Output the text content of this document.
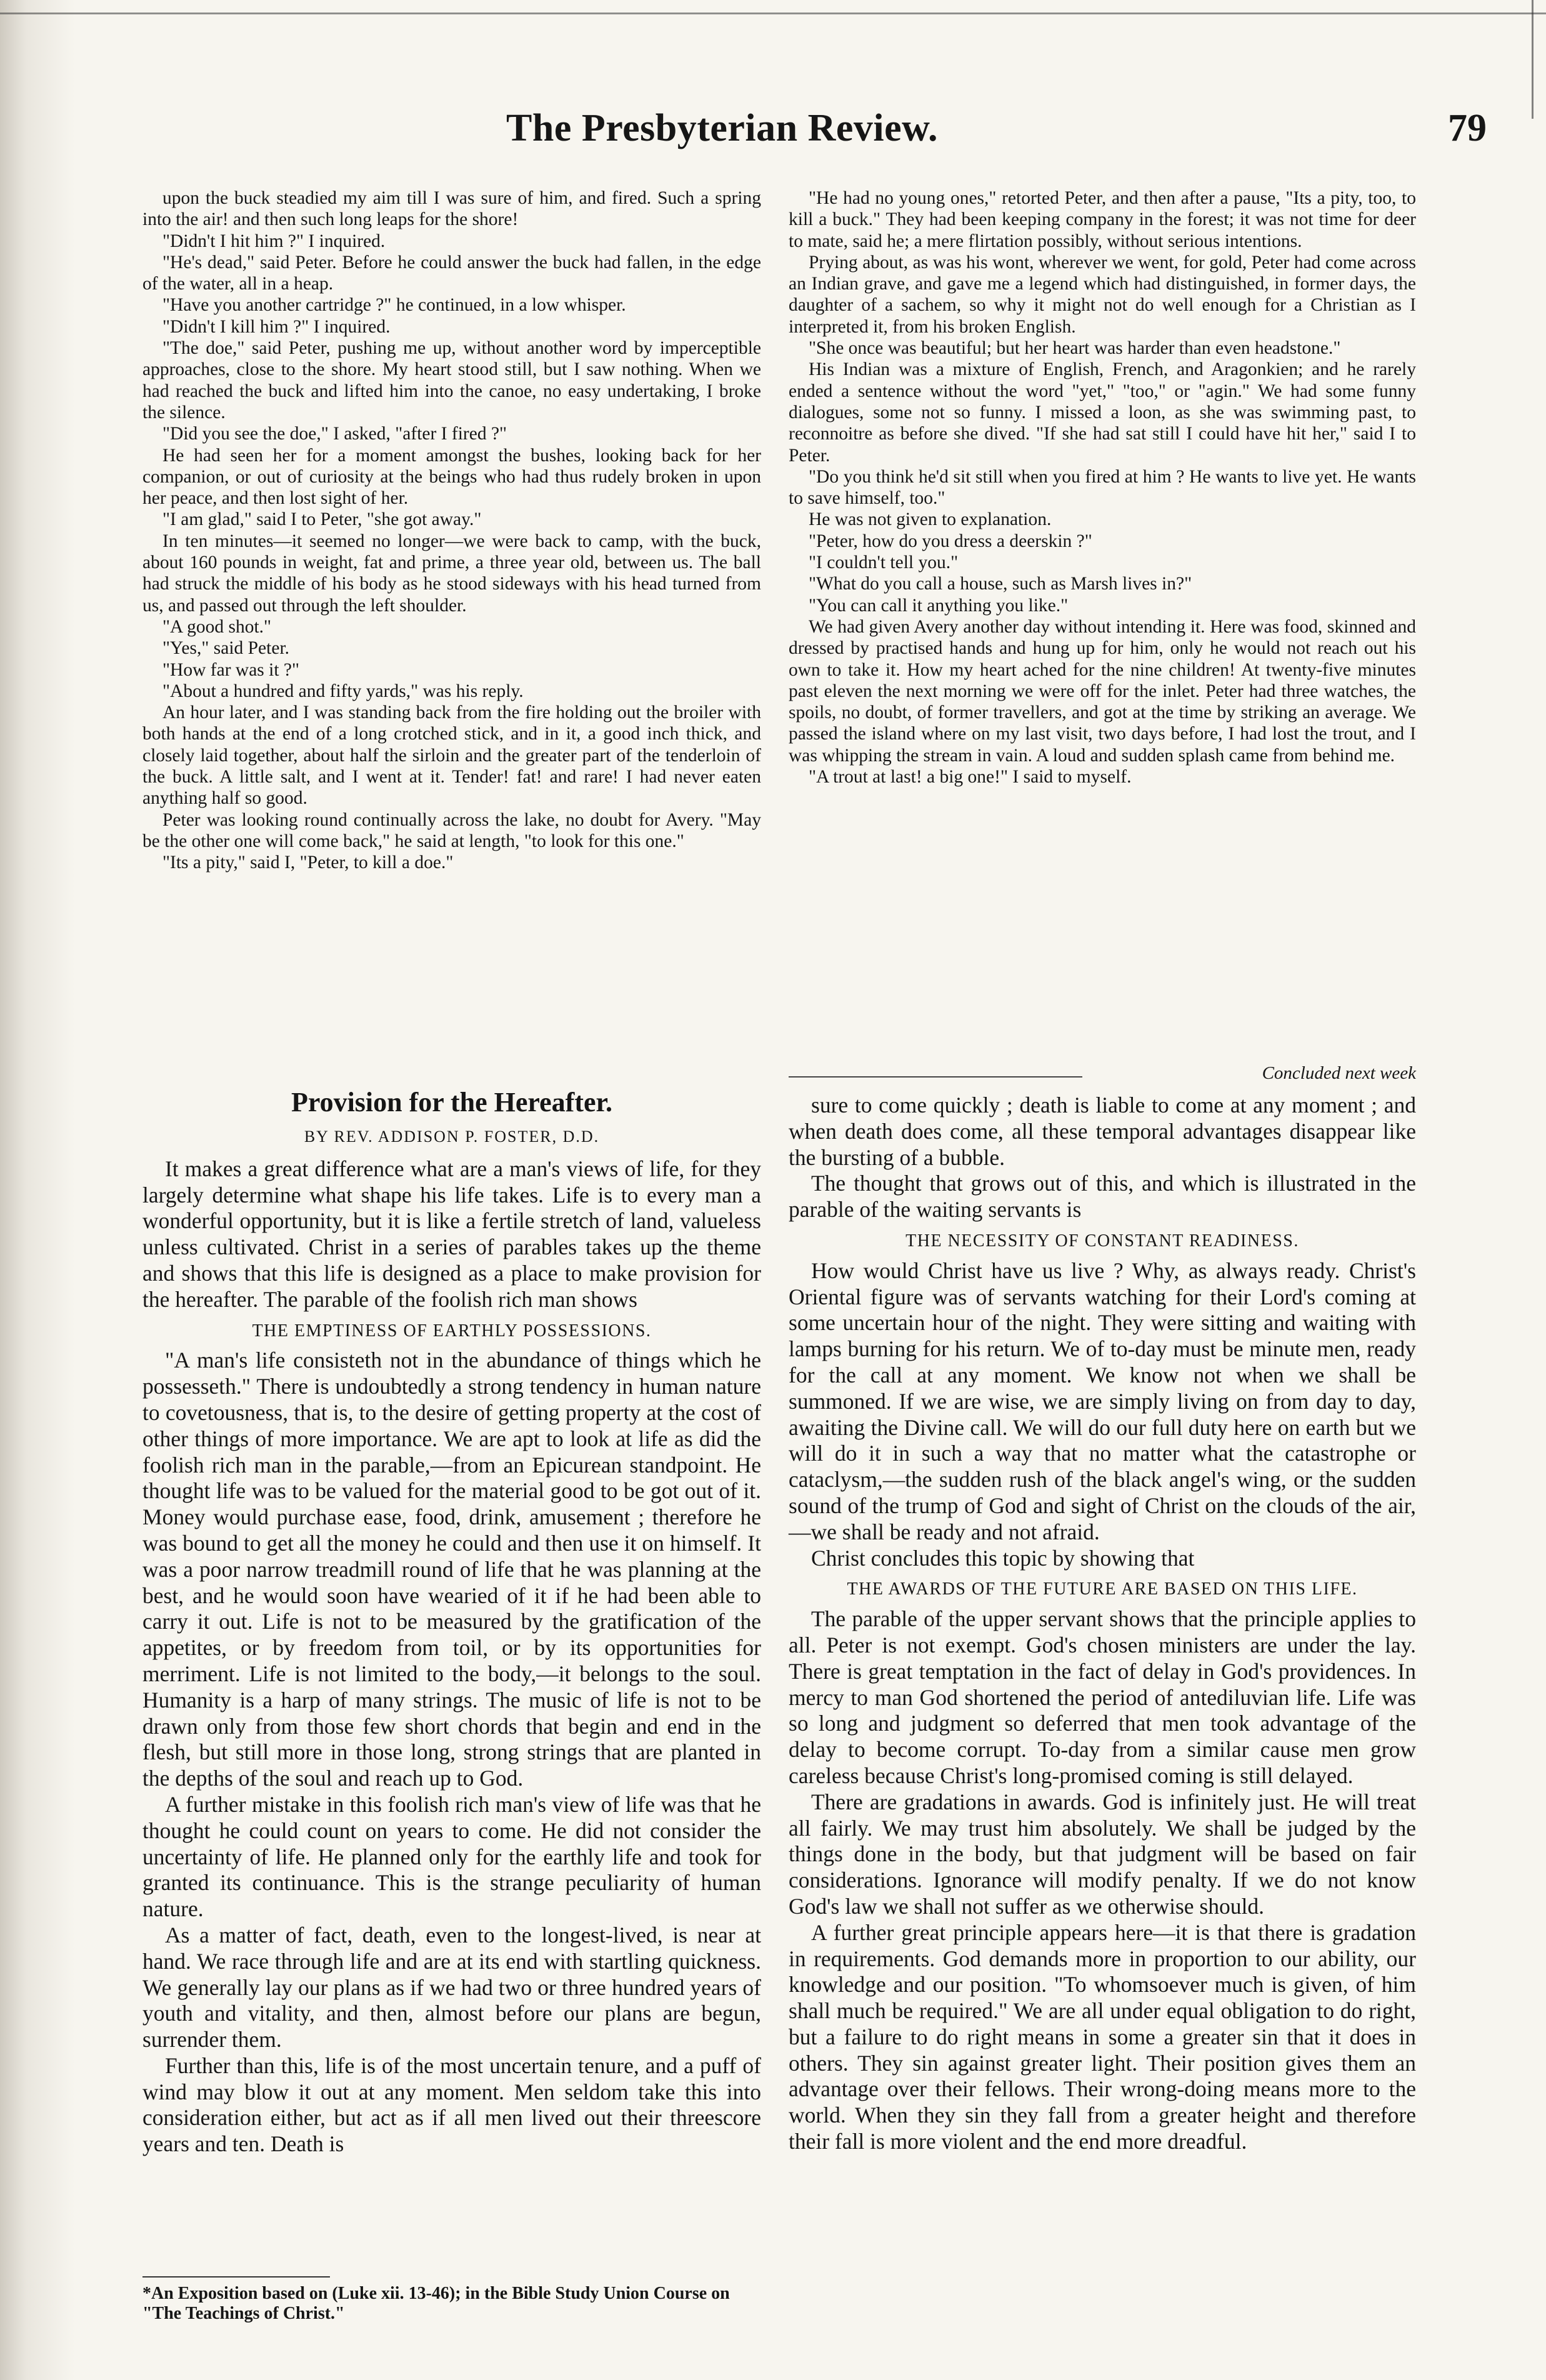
The Presbyterian Review.	79

upon the buck steadied my aim till I was sure of him, and fired. Such a spring into the air! and then such long leaps for the shore!

"Didn't I hit him ?" I inquired.

"He's dead," said Peter. Before he could answer the buck had fallen, in the edge of the water, all in a heap.

"Have you another cartridge ?" he continued, in a low whisper.

"Didn't I kill him ?" I inquired.

"The doe," said Peter, pushing me up, without another word by imperceptible approaches, close to the shore. My heart stood still, but I saw nothing. When we had reached the buck and lifted him into the canoe, no easy undertaking, I broke the silence.

"Did you see the doe," I asked, "after I fired ?"

He had seen her for a moment amongst the bushes, looking back for her companion, or out of curiosity at the beings who had thus rudely broken in upon her peace, and then lost sight of her.

"I am glad," said I to Peter, "she got away."

In ten minutes—it seemed no longer—we were back to camp, with the buck, about 160 pounds in weight, fat and prime, a three year old, between us. The ball had struck the middle of his body as he stood sideways with his head turned from us, and passed out through the left shoulder.

"A good shot."

"Yes," said Peter.

"How far was it ?"

"About a hundred and fifty yards," was his reply.

An hour later, and I was standing back from the fire holding out the broiler with both hands at the end of a long crotched stick, and in it, a good inch thick, and closely laid together, about half the sirloin and the greater part of the tenderloin of the buck. A little salt, and I went at it. Tender! fat! and rare! I had never eaten anything half so good.

Peter was looking round continually across the lake, no doubt for Avery. "May be the other one will come back," he said at length, "to look for this one."

"Its a pity," said I, "Peter, to kill a doe."

"He had no young ones," retorted Peter, and then after a pause, "Its a pity, too, to kill a buck." They had been keeping company in the forest; it was not time for deer to mate, said he; a mere flirtation possibly, without serious intentions.

Prying about, as was his wont, wherever we went, for gold, Peter had come across an Indian grave, and gave me a legend which had distinguished, in former days, the daughter of a sachem, so why it might not do well enough for a Christian as I interpreted it, from his broken English.

"She once was beautiful; but her heart was harder than even headstone."

His Indian was a mixture of English, French, and Aragonkien; and he rarely ended a sentence without the word "yet," "too," or "agin." We had some funny dialogues, some not so funny. I missed a loon, as she was swimming past, to reconnoitre as before she dived. "If she had sat still I could have hit her," said I to Peter.

"Do you think he'd sit still when you fired at him ? He wants to live yet. He wants to save himself, too."

He was not given to explanation.

"Peter, how do you dress a deerskin ?"

"I couldn't tell you."

"What do you call a house, such as Marsh lives in?"

"You can call it anything you like."

We had given Avery another day without intending it. Here was food, skinned and dressed by practised hands and hung up for him, only he would not reach out his own to take it. How my heart ached for the nine children! At twenty-five minutes past eleven the next morning we were off for the inlet. Peter had three watches, the spoils, no doubt, of former travellers, and got at the time by striking an average. We passed the island where on my last visit, two days before, I had lost the trout, and I was whipping the stream in vain. A loud and sudden splash came from behind me.

"A trout at last! a big one!" I said to myself.

Concluded next week

Provision for the Hereafter.
BY REV. ADDISON P. FOSTER, D.D.

It makes a great difference what are a man's views of life, for they largely determine what shape his life takes. Life is to every man a wonderful opportunity, but it is like a fertile stretch of land, valueless unless cultivated. Christ in a series of parables takes up the theme and shows that this life is designed as a place to make provision for the hereafter. The parable of the foolish rich man shows

THE EMPTINESS OF EARTHLY POSSESSIONS.

"A man's life consisteth not in the abundance of things which he possesseth." There is undoubtedly a strong tendency in human nature to covetousness, that is, to the desire of getting property at the cost of other things of more importance. We are apt to look at life as did the foolish rich man in the parable,—from an Epicurean standpoint. He thought life was to be valued for the material good to be got out of it. Money would purchase ease, food, drink, amusement ; therefore he was bound to get all the money he could and then use it on himself. It was a poor narrow treadmill round of life that he was planning at the best, and he would soon have wearied of it if he had been able to carry it out. Life is not to be measured by the gratification of the appetites, or by freedom from toil, or by its opportunities for merriment. Life is not limited to the body,—it belongs to the soul. Humanity is a harp of many strings. The music of life is not to be drawn only from those few short chords that begin and end in the flesh, but still more in those long, strong strings that are planted in the depths of the soul and reach up to God.

A further mistake in this foolish rich man's view of life was that he thought he could count on years to come. He did not consider the uncertainty of life. He planned only for the earthly life and took for granted its continuance. This is the strange peculiarity of human nature.

As a matter of fact, death, even to the longest-lived, is near at hand. We race through life and are at its end with startling quickness. We generally lay our plans as if we had two or three hundred years of youth and vitality, and then, almost before our plans are begun, surrender them.

Further than this, life is of the most uncertain tenure, and a puff of wind may blow it out at any moment. Men seldom take this into consideration either, but act as if all men lived out their threescore years and ten. Death is

sure to come quickly ; death is liable to come at any moment ; and when death does come, all these temporal advantages disappear like the bursting of a bubble.

The thought that grows out of this, and which is illustrated in the parable of the waiting servants is

THE NECESSITY OF CONSTANT READINESS.

How would Christ have us live ? Why, as always ready. Christ's Oriental figure was of servants watching for their Lord's coming at some uncertain hour of the night. They were sitting and waiting with lamps burning for his return. We of to-day must be minute men, ready for the call at any moment. We know not when we shall be summoned. If we are wise, we are simply living on from day to day, awaiting the Divine call. We will do our full duty here on earth but we will do it in such a way that no matter what the catastrophe or cataclysm,—the sudden rush of the black angel's wing, or the sudden sound of the trump of God and sight of Christ on the clouds of the air,—we shall be ready and not afraid.

Christ concludes this topic by showing that

THE AWARDS OF THE FUTURE ARE BASED ON THIS LIFE.

The parable of the upper servant shows that the principle applies to all. Peter is not exempt. God's chosen ministers are under the lay. There is great temptation in the fact of delay in God's providences. In mercy to man God shortened the period of antediluvian life. Life was so long and judgment so deferred that men took advantage of the delay to become corrupt. To-day from a similar cause men grow careless because Christ's long-promised coming is still delayed.

There are gradations in awards. God is infinitely just. He will treat all fairly. We may trust him absolutely. We shall be judged by the things done in the body, but that judgment will be based on fair considerations. Ignorance will modify penalty. If we do not know God's law we shall not suffer as we otherwise should.

A further great principle appears here—it is that there is gradation in requirements. God demands more in proportion to our ability, our knowledge and our position. "To whomsoever much is given, of him shall much be required." We are all under equal obligation to do right, but a failure to do right means in some a greater sin that it does in others. They sin against greater light. Their position gives them an advantage over their fellows. Their wrong-doing means more to the world. When they sin they fall from a greater height and therefore their fall is more violent and the end more dreadful.

*An Exposition based on (Luke xii. 13-46); in the Bible Study Union Course on "The Teachings of Christ."
